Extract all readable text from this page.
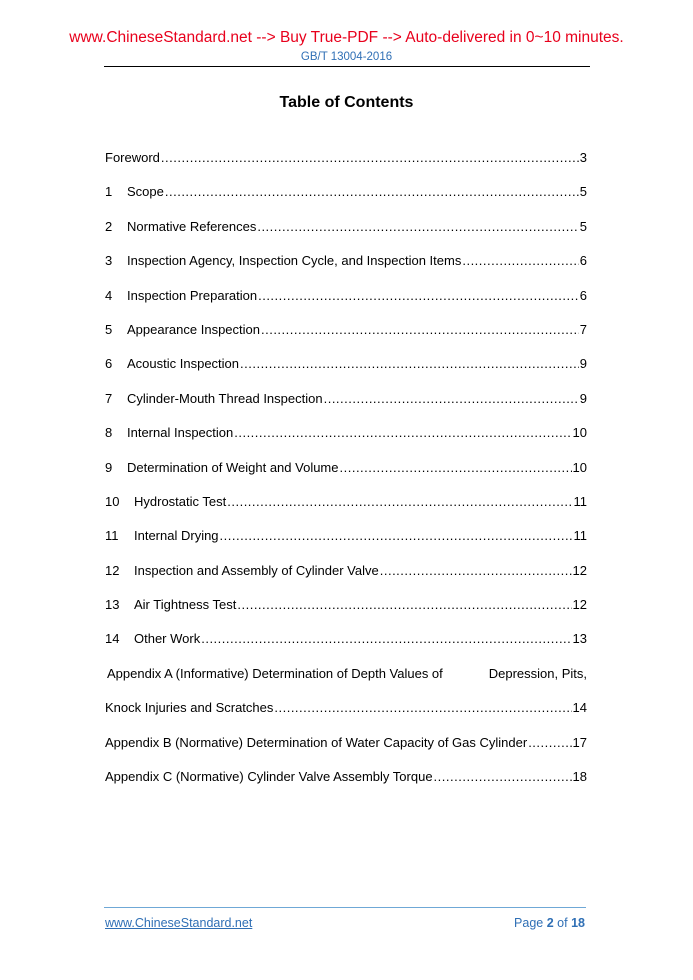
www.ChineseStandard.net --> Buy True-PDF --> Auto-delivered in 0~10 minutes.
GB/T 13004-2016
Table of Contents
Foreword .....	3
1	Scope .....	5
2	Normative References .....	5
3	Inspection Agency, Inspection Cycle, and Inspection Items .....	6
4	Inspection Preparation .....	6
5	Appearance Inspection .....	7
6	Acoustic Inspection .....	9
7	Cylinder-Mouth Thread Inspection .....	9
8	Internal Inspection .....	10
9	Determination of Weight and Volume .....	10
10	Hydrostatic Test .....	11
11	Internal Drying .....	11
12	Inspection and Assembly of Cylinder Valve .....	12
13	Air Tightness Test .....	12
14	Other Work .....	13
Appendix A (Informative) Determination of Depth Values of	Depression, Pits,
Knock Injuries and Scratches .....	14
Appendix B (Normative) Determination of Water Capacity of Gas Cylinder .....	17
Appendix C (Normative) Cylinder Valve Assembly Torque .....	18
www.ChineseStandard.net	Page 2 of 18
